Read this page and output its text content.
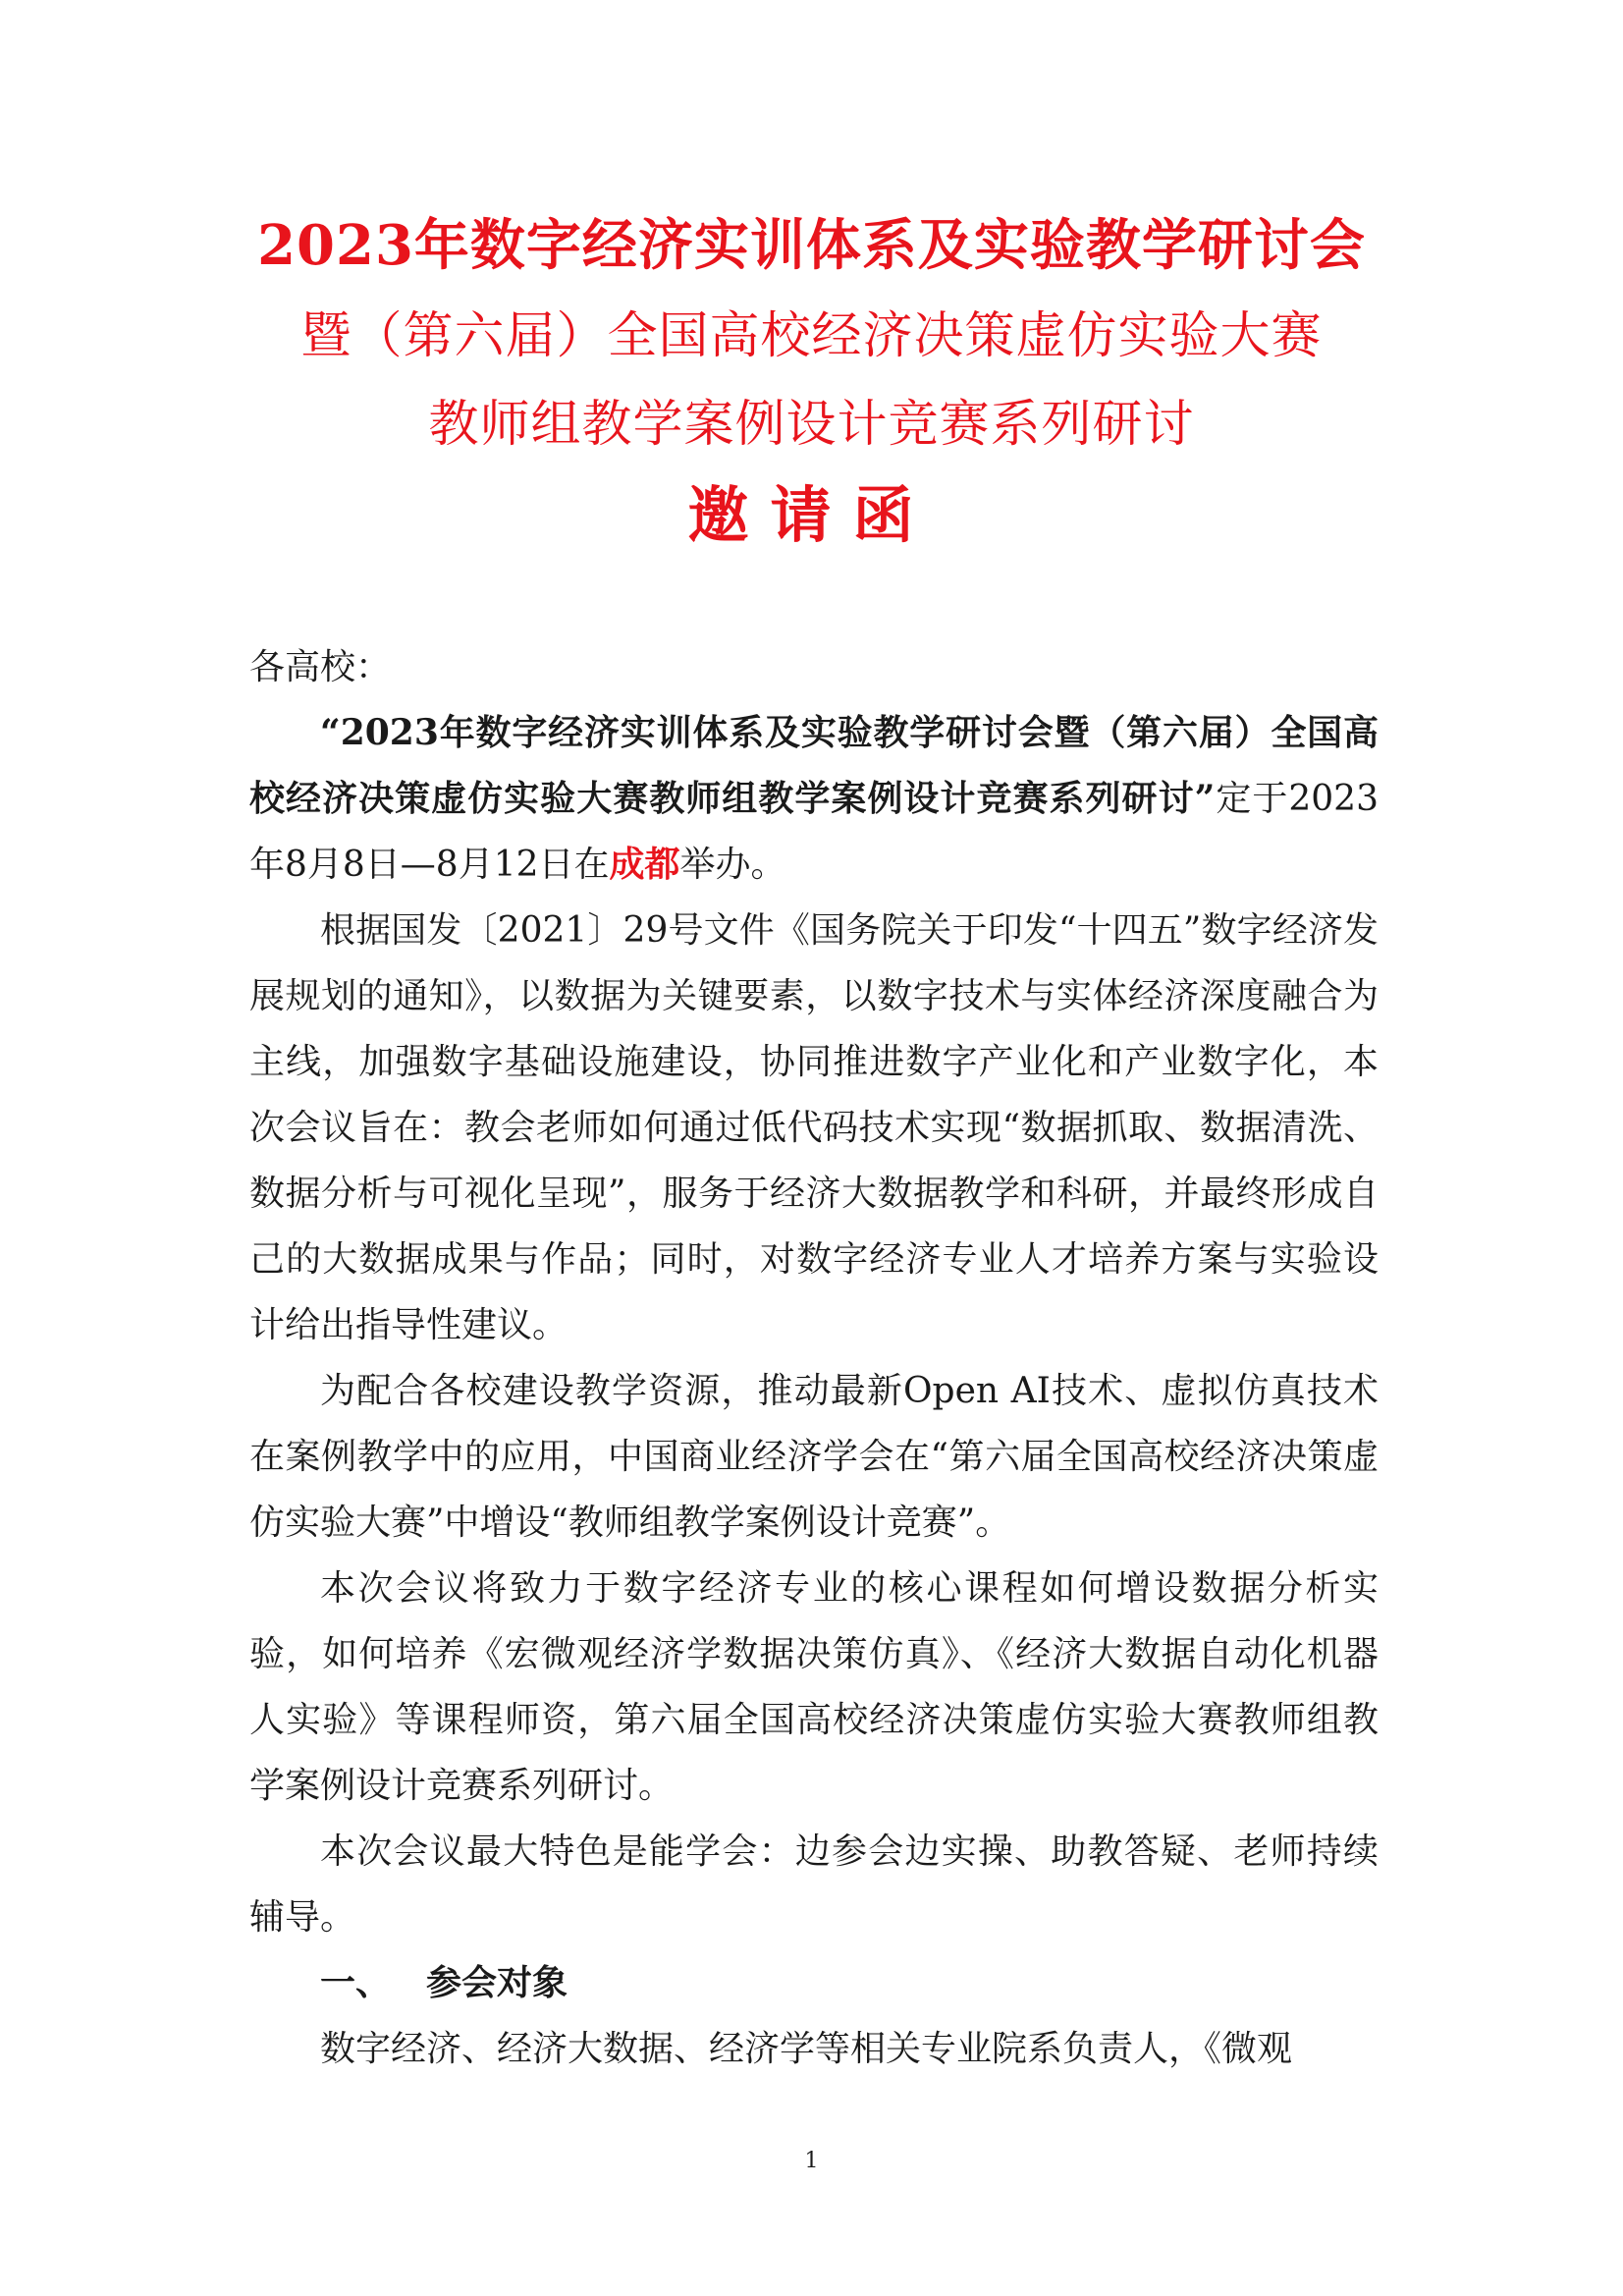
2023年数字经济实训体系及实验教学研讨会
暨（第六届）全国高校经济决策虚仿实验大赛
教师组教学案例设计竞赛系列研讨
邀请函

各高校：

“2023年数字经济实训体系及实验教学研讨会暨（第六届）全国高校经济决策虚仿实验大赛教师组教学案例设计竞赛系列研讨”定于2023年8月8日—8月12日在成都举办。

根据国发〔2021〕29号文件《国务院关于印发“十四五”数字经济发展规划的通知》，以数据为关键要素，以数字技术与实体经济深度融合为主线，加强数字基础设施建设，协同推进数字产业化和产业数字化，本次会议旨在：教会老师如何通过低代码技术实现“数据抓取、数据清洗、数据分析与可视化呈现”，服务于经济大数据教学和科研，并最终形成自己的大数据成果与作品；同时，对数字经济专业人才培养方案与实验设计给出指导性建议。

为配合各校建设教学资源，推动最新Open AI技术、虚拟仿真技术在案例教学中的应用，中国商业经济学会在“第六届全国高校经济决策虚仿实验大赛”中增设“教师组教学案例设计竞赛”。

本次会议将致力于数字经济专业的核心课程如何增设数据分析实验，如何培养《宏微观经济学数据决策仿真》、《经济大数据自动化机器人实验》等课程师资，第六届全国高校经济决策虚仿实验大赛教师组教学案例设计竞赛系列研讨。

本次会议最大特色是能学会：边参会边实操、助教答疑、老师持续辅导。

一、 参会对象

数字经济、经济大数据、经济学等相关专业院系负责人，《微观

1
